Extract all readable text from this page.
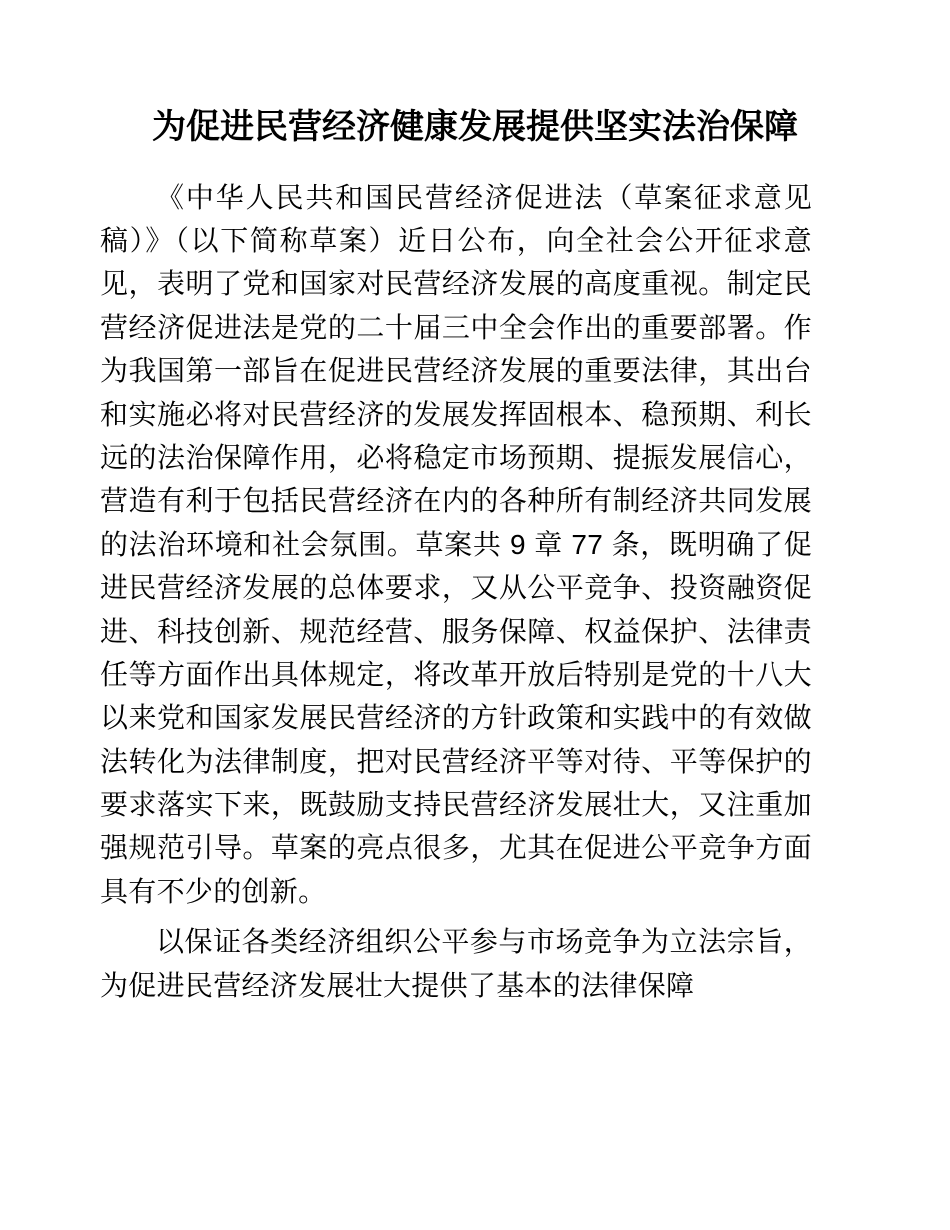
为促进民营经济健康发展提供坚实法治保障

《中华人民共和国民营经济促进法（草案征求意见稿）》（以下简称草案）近日公布，向全社会公开征求意见，表明了党和国家对民营经济发展的高度重视。制定民营经济促进法是党的二十届三中全会作出的重要部署。作为我国第一部旨在促进民营经济发展的重要法律，其出台和实施必将对民营经济的发展发挥固根本、稳预期、利长远的法治保障作用，必将稳定市场预期、提振发展信心，营造有利于包括民营经济在内的各种所有制经济共同发展的法治环境和社会氛围。草案共 9 章 77 条，既明确了促进民营经济发展的总体要求，又从公平竞争、投资融资促进、科技创新、规范经营、服务保障、权益保护、法律责任等方面作出具体规定，将改革开放后特别是党的十八大以来党和国家发展民营经济的方针政策和实践中的有效做法转化为法律制度，把对民营经济平等对待、平等保护的要求落实下来，既鼓励支持民营经济发展壮大，又注重加强规范引导。草案的亮点很多，尤其在促进公平竞争方面具有不少的创新。

以保证各类经济组织公平参与市场竞争为立法宗旨，为促进民营经济发展壮大提供了基本的法律保障
